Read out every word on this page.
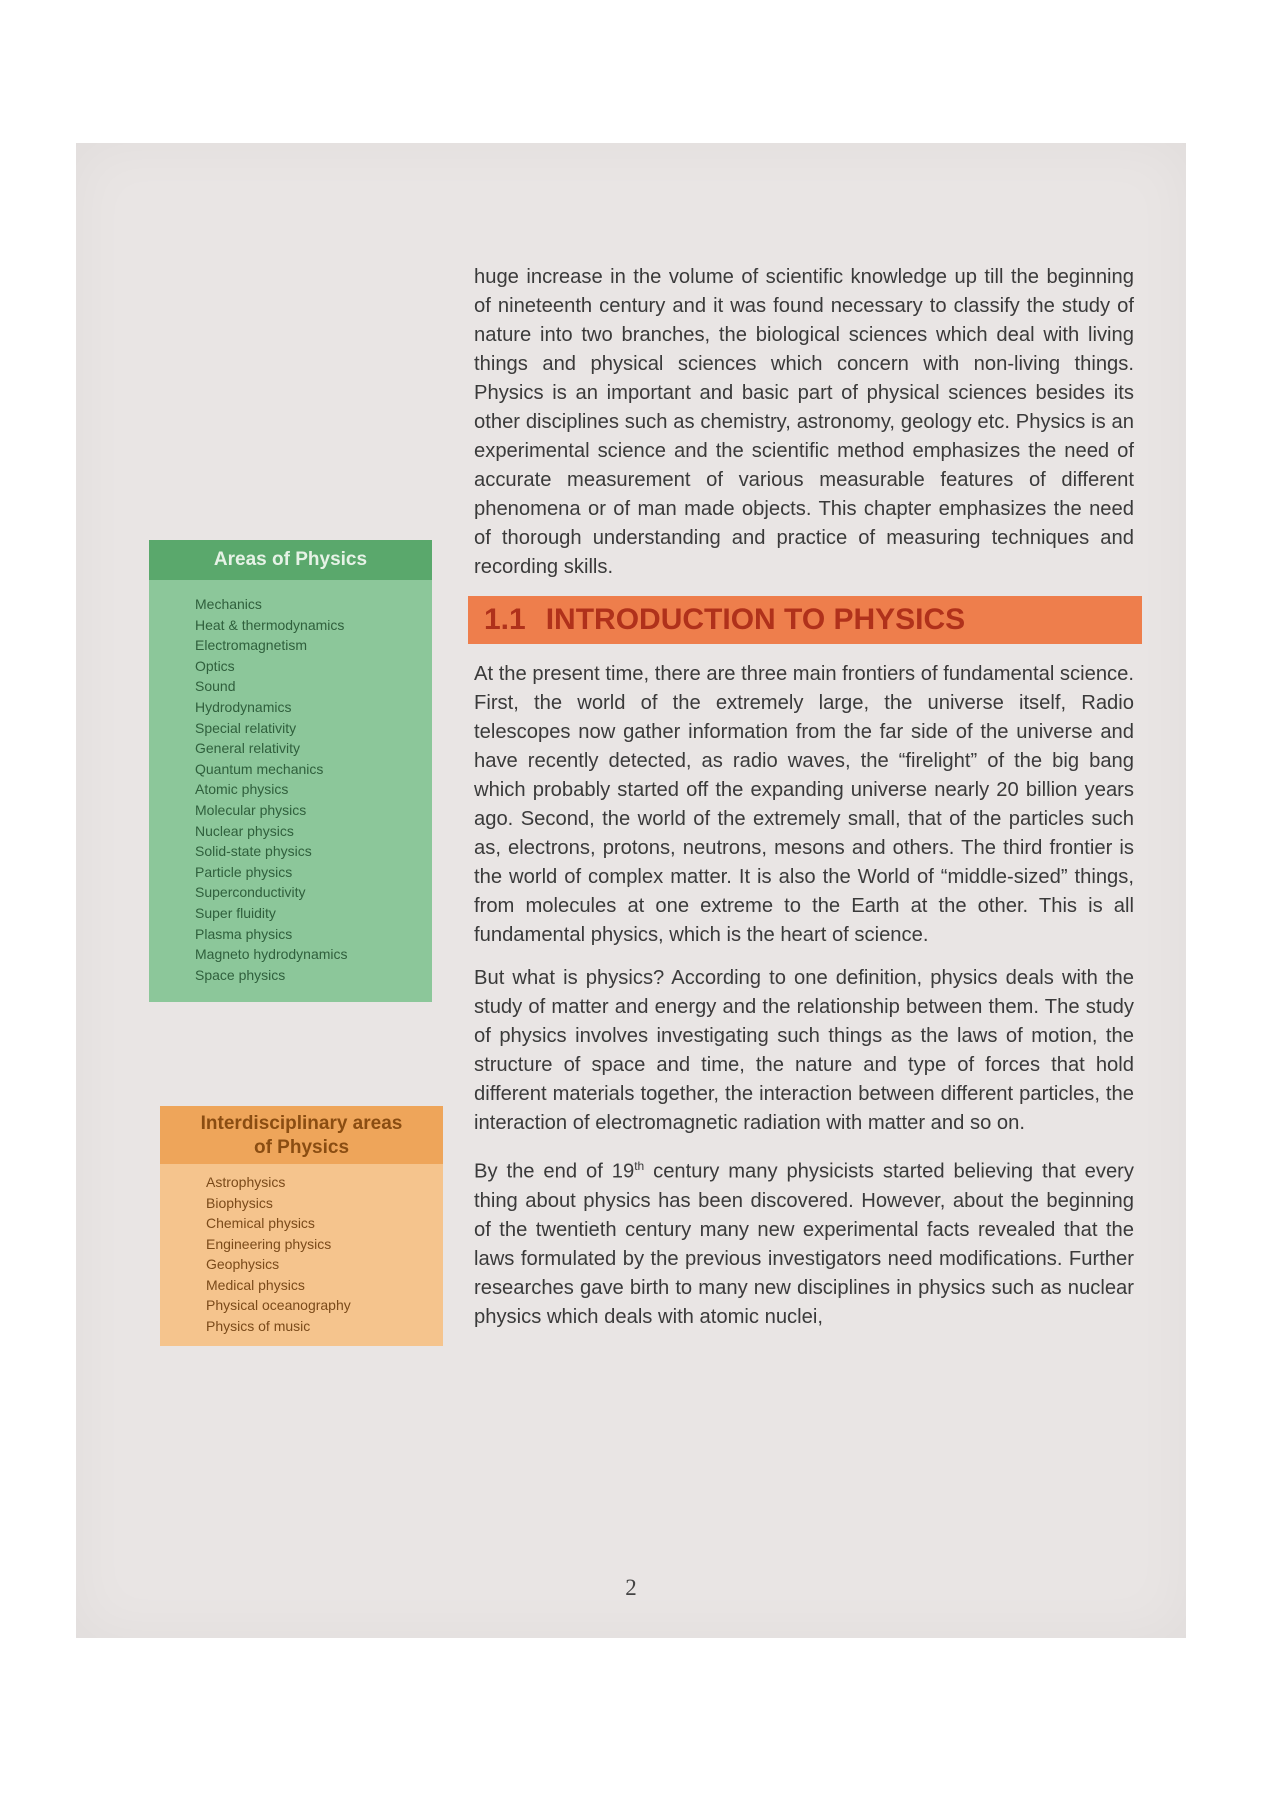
Areas of Physics
Mechanics
Heat & thermodynamics
Electromagnetism
Optics
Sound
Hydrodynamics
Special relativity
General relativity
Quantum mechanics
Atomic physics
Molecular physics
Nuclear physics
Solid-state physics
Particle physics
Superconductivity
Super fluidity
Plasma physics
Magneto hydrodynamics
Space physics
Interdisciplinary areas
of Physics
Astrophysics
Biophysics
Chemical physics
Engineering physics
Geophysics
Medical physics
Physical oceanography
Physics of music

huge increase in the volume of scientific knowledge up till the beginning of nineteenth century and it was found necessary to classify the study of nature into two branches, the biological sciences which deal with living things and physical sciences which concern with non-living things. Physics is an important and basic part of physical sciences besides its other disciplines such as chemistry, astronomy, geology etc. Physics is an experimental science and the scientific method emphasizes the need of accurate measurement of various measurable features of different phenomena or of man made objects. This chapter emphasizes the need of thorough understanding and practice of measuring techniques and recording skills.

1.1 INTRODUCTION TO PHYSICS

At the present time, there are three main frontiers of fundamental science. First, the world of the extremely large, the universe itself, Radio telescopes now gather information from the far side of the universe and have recently detected, as radio waves, the “firelight” of the big bang which probably started off the expanding universe nearly 20 billion years ago. Second, the world of the extremely small, that of the particles such as, electrons, protons, neutrons, mesons and others. The third frontier is the world of complex matter. It is also the World of “middle-sized” things, from molecules at one extreme to the Earth at the other. This is all fundamental physics, which is the heart of science.

But what is physics? According to one definition, physics deals with the study of matter and energy and the relationship between them. The study of physics involves investigating such things as the laws of motion, the structure of space and time, the nature and type of forces that hold different materials together, the interaction between different particles, the interaction of electromagnetic radiation with matter and so on.

By the end of 19th century many physicists started believing that every thing about physics has been discovered. However, about the beginning of the twentieth century many new experimental facts revealed that the laws formulated by the previous investigators need modifications. Further researches gave birth to many new disciplines in physics such as nuclear physics which deals with atomic nuclei,

2
